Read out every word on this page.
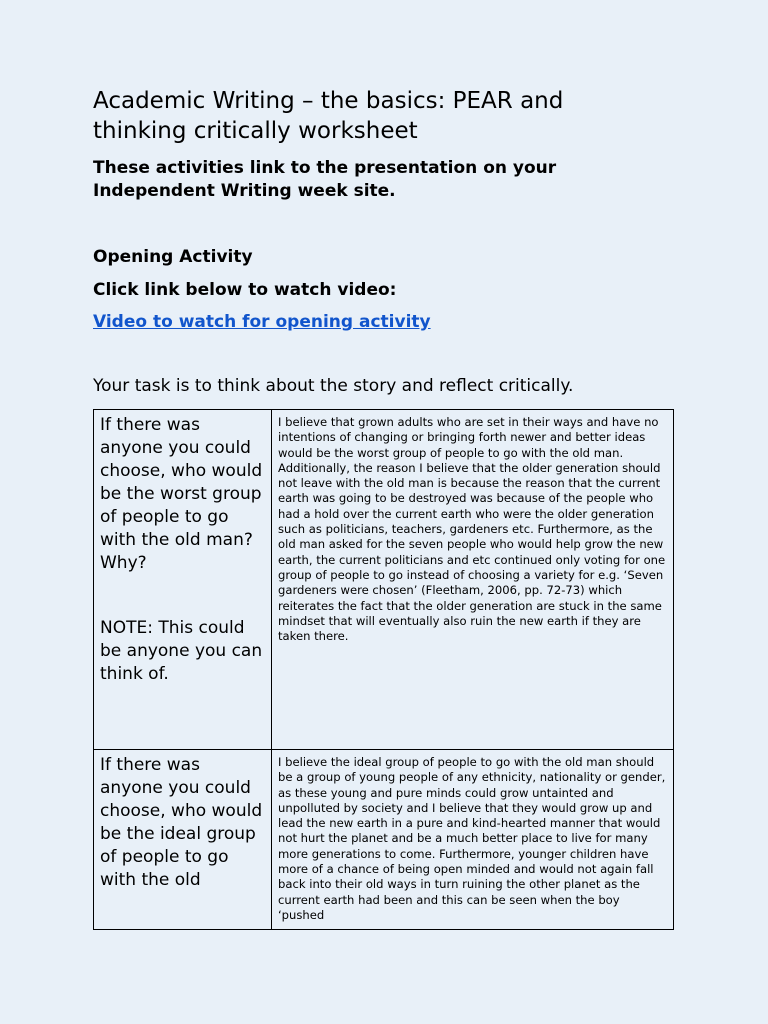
Academic Writing – the basics: PEAR and thinking critically worksheet

These activities link to the presentation on your Independent Writing week site.

Opening Activity

Click link below to watch video:

Video to watch for opening activity

Your task is to think about the story and reflect critically.

If there was anyone you could choose, who would be the worst group of people to go with the old man? Why?
NOTE: This could be anyone you can think of.	I believe that grown adults who are set in their ways and have no intentions of changing or bringing forth newer and better ideas would be the worst group of people to go with the old man. Additionally, the reason I believe that the older generation should not leave with the old man is because the reason that the current earth was going to be destroyed was because of the people who had a hold over the current earth who were the older generation such as politicians, teachers, gardeners etc. Furthermore, as the old man asked for the seven people who would help grow the new earth, the current politicians and etc continued only voting for one group of people to go instead of choosing a variety for e.g. ‘Seven gardeners were chosen’ (Fleetham, 2006, pp. 72-73) which reiterates the fact that the older generation are stuck in the same mindset that will eventually also ruin the new earth if they are taken there.

If there was anyone you could choose, who would be the ideal group of people to go with the old	I believe the ideal group of people to go with the old man should be a group of young people of any ethnicity, nationality or gender, as these young and pure minds could grow untainted and unpolluted by society and I believe that they would grow up and lead the new earth in a pure and kind-hearted manner that would not hurt the planet and be a much better place to live for many more generations to come. Furthermore, younger children have more of a chance of being open minded and would not again fall back into their old ways in turn ruining the other planet as the current earth had been and this can be seen when the boy ‘pushed
